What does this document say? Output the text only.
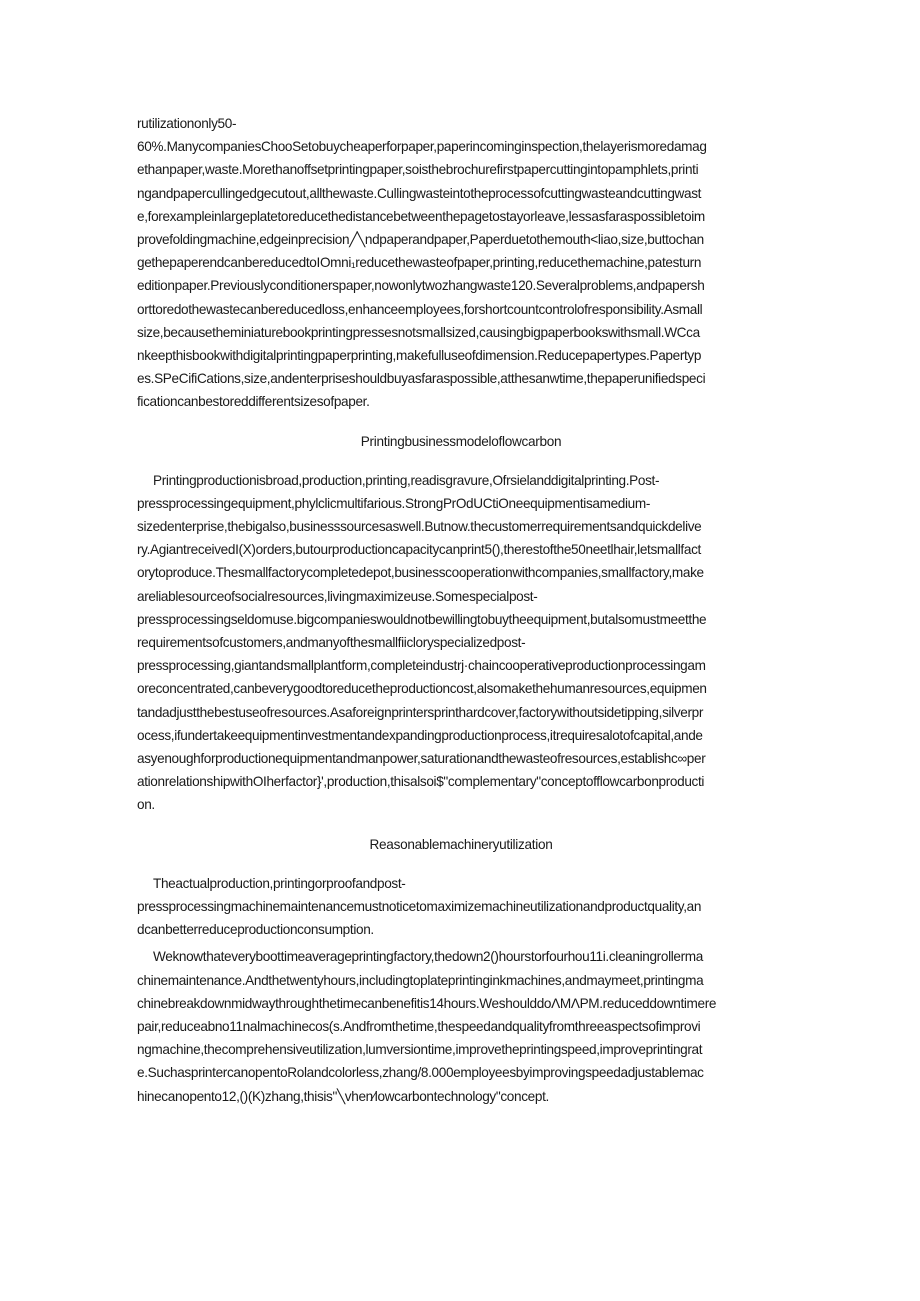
rutilizationonly50-
60%.ManycompaniesChooSetobuycheaperforpaper,paperincominginspection,thelayerismoredamag
ethanpaper,waste.Morethanoffsetprintingpaper,soisthebrochurefirstpapercuttingintopamphlets,printi
ngandpapercullingedgecutout,allthewaste.Cullingwasteintotheprocessofcuttingwasteandcuttingwast
e,forexampleinlargeplatetoreducethedistancebetweenthepagetostayorleave,lessasfaraspossibletoim
provefoldingmachine,edgeinprecision╱╲ndpaperandpaper,Paperduetothemouth<liao,size,buttochan
gethepaperendcanbereducedtoIOmni₁reducethewasteofpaper,printing,reducethemachine,patesturn
editionpaper.Previouslyconditionerspaper,nowonlytwozhangwaste120.Severalproblems,andpapersh
orttoredothewastecanbereducedloss,enhanceemployees,forshortcountcontrolofresponsibility.Asmall
size,becausetheminiaturebookprintingpressesnotsmallsized,causingbigpaperbookswithsmall.WCca
nkeepthisbookwithdigitalprintingpaperprinting,makefulluseofdimension.Reducepapertypes.Papertyp
es.SPeCifiCations,size,andenterpriseshouldbuyasfaraspossible,atthesanwtime,thepaperunifiedspeci
ficationcanbestoreddifferentsizesofpaper.
Printingbusinessmodeloflowcarbon
Printingproductionisbroad,production,printing,readisgravure,Ofrsielanddigitalprinting.Post-
pressprocessingequipment,phylclicmultifarious.StrongPrOdUCtiOneequipmentisamedium-
sizedenterprise,thebigalso,businesssourcesaswell.Butnow.thecustomerrequirementsandquickdelive
ry.AgiantreceivedI(X)orders,butourproductioncapacitycanprint5(),therestofthe50neetlhair,letsmallfact
orytoproduce.Thesmallfactorycompletedepot,businesscooperationwithcompanies,smallfactory,make
areliablesourceofsocialresources,livingmaximizeuse.Somespecialpost-
pressprocessingseldomuse.bigcompanieswouldnotbewillingtobuytheequipment,butalsomustmeetthe
requirementsofcustomers,andmanyofthesmallfiicloryspecializedpost-
pressprocessing,giantandsmallplantform,completeindustrj·chaincooperativeproductionprocessingam
oreconcentrated,canbeverygoodtoreducetheproductioncost,alsomakethehumanresources,equipmen
tandadjustthebestuseofresources.Asaforeignprintersprinthardcover,factorywithoutsidetipping,silverpr
ocess,ifundertakeequipmentinvestmentandexpandingproductionprocess,itrequiresalotofcapital,ande
asyenoughforproductionequipmentandmanpower,saturationandthewasteofresources,establishc∞per
ationrelationshipwithOIherfactor}',production,thisalsoi$"complementary"conceptofflowcarbonproducti
on.
Reasonablemachineryutilization
Theactualproduction,printingorproofandpost-
pressprocessingmachinemaintenancemustnoticetomaximizemachineutilizationandproductquality,an
dcanbetterreduceproductionconsumption.
Weknowthateveryboottimeaverageprintingfactory,thedown2()hourstorfourhou11i.cleaningrollerma
chinemaintenance.Andthetwentyhours,includingtoplateprintinginkmachines,andmaymeet,printingma
chinebreakdownmidwaythroughthetimecanbenefitis14hours.WeshoulddoΛMΛPM.reduceddowntimere
pair,reduceabno11nalmachinecos(s.Andfromthetime,thespeedandqualityfromthreeaspectsofimprovi
ngmachine,thecomprehensiveutilization,lumversiontime,improvetheprintingspeed,improveprintingrat
e.SuchasprintercanopentoRolandcolorless,zhang/8.000employeesbyimprovingspeedadjustablemac
hinecanopento12,()(K)zhang,thisis"╲vhen⁄lowcarbontechnology"concept.
